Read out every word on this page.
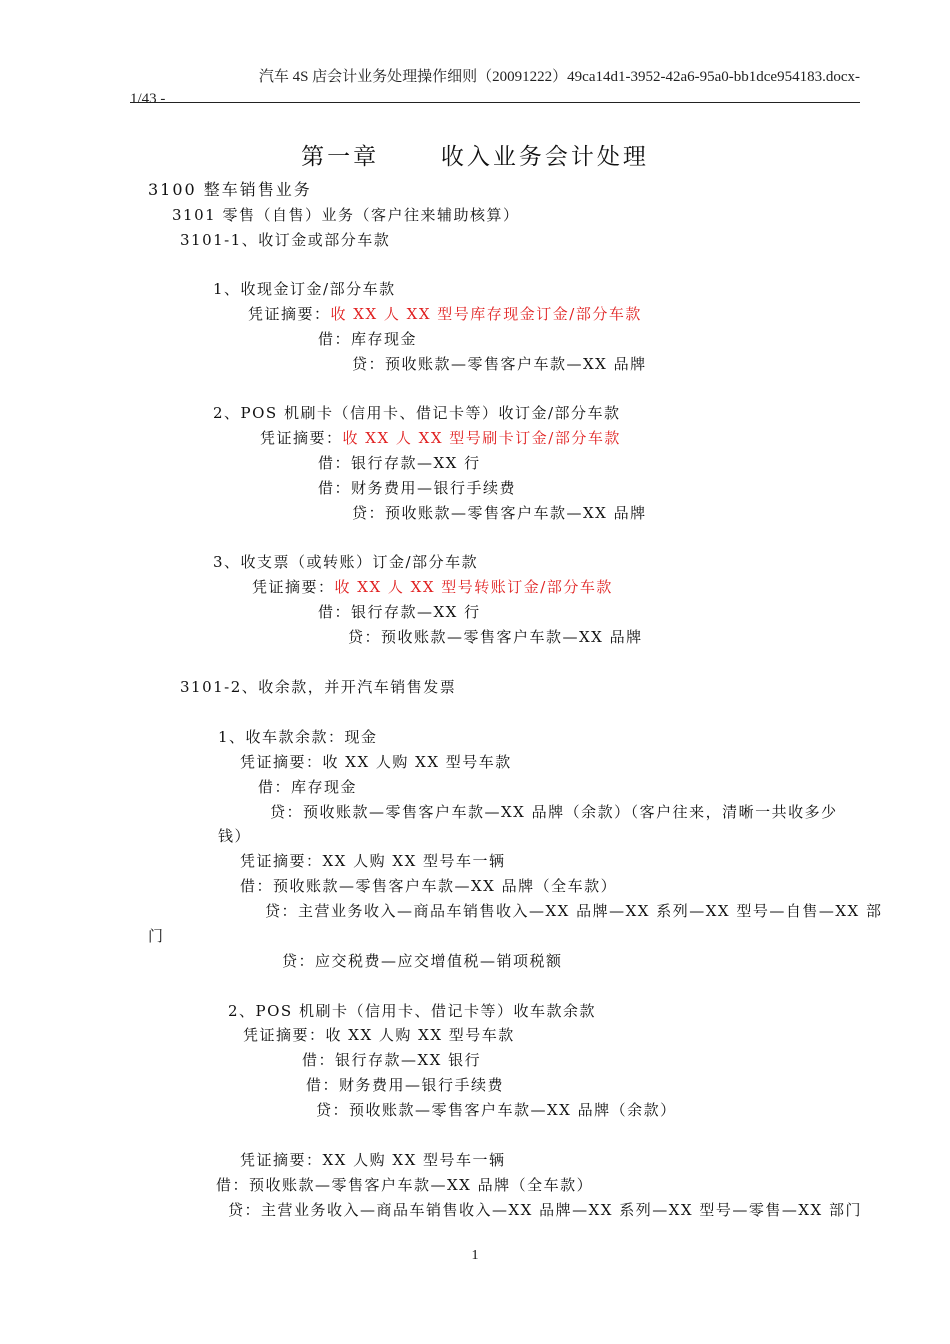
汽车 4S 店会计业务处理操作细则（20091222）49ca14d1-3952-42a6-95a0-bb1dce954183.docx-
1/43 -
第一章      收入业务会计处理
3100 整车销售业务
3101 零售（自售）业务（客户往来辅助核算）
3101-1、收订金或部分车款
1、收现金订金/部分车款
凭证摘要：收 XX 人 XX 型号库存现金订金/部分车款
借：库存现金
贷：预收账款—零售客户车款—XX 品牌
2、POS 机刷卡（信用卡、借记卡等）收订金/部分车款
凭证摘要：收 XX 人 XX 型号刷卡订金/部分车款
借：银行存款—XX 行
借：财务费用—银行手续费
贷：预收账款—零售客户车款—XX 品牌
3、收支票（或转账）订金/部分车款
凭证摘要：收 XX 人 XX 型号转账订金/部分车款
借：银行存款—XX 行
贷：预收账款—零售客户车款—XX 品牌
3101-2、收余款，并开汽车销售发票
1、收车款余款：现金
凭证摘要：收 XX 人购 XX 型号车款
借：库存现金
贷：预收账款—零售客户车款—XX 品牌（余款）（客户往来，清晰一共收多少
钱）
凭证摘要：XX 人购 XX 型号车一辆
借：预收账款—零售客户车款—XX 品牌（全车款）
贷：主营业务收入—商品车销售收入—XX 品牌—XX 系列—XX 型号—自售—XX 部
门
贷：应交税费—应交增值税—销项税额
2、POS 机刷卡（信用卡、借记卡等）收车款余款
凭证摘要：收 XX 人购 XX 型号车款
借：银行存款—XX 银行
借：财务费用—银行手续费
贷：预收账款—零售客户车款—XX 品牌（余款）
凭证摘要：XX 人购 XX 型号车一辆
借：预收账款—零售客户车款—XX 品牌（全车款）
贷：主营业务收入—商品车销售收入—XX 品牌—XX 系列—XX 型号—零售—XX 部门
1
